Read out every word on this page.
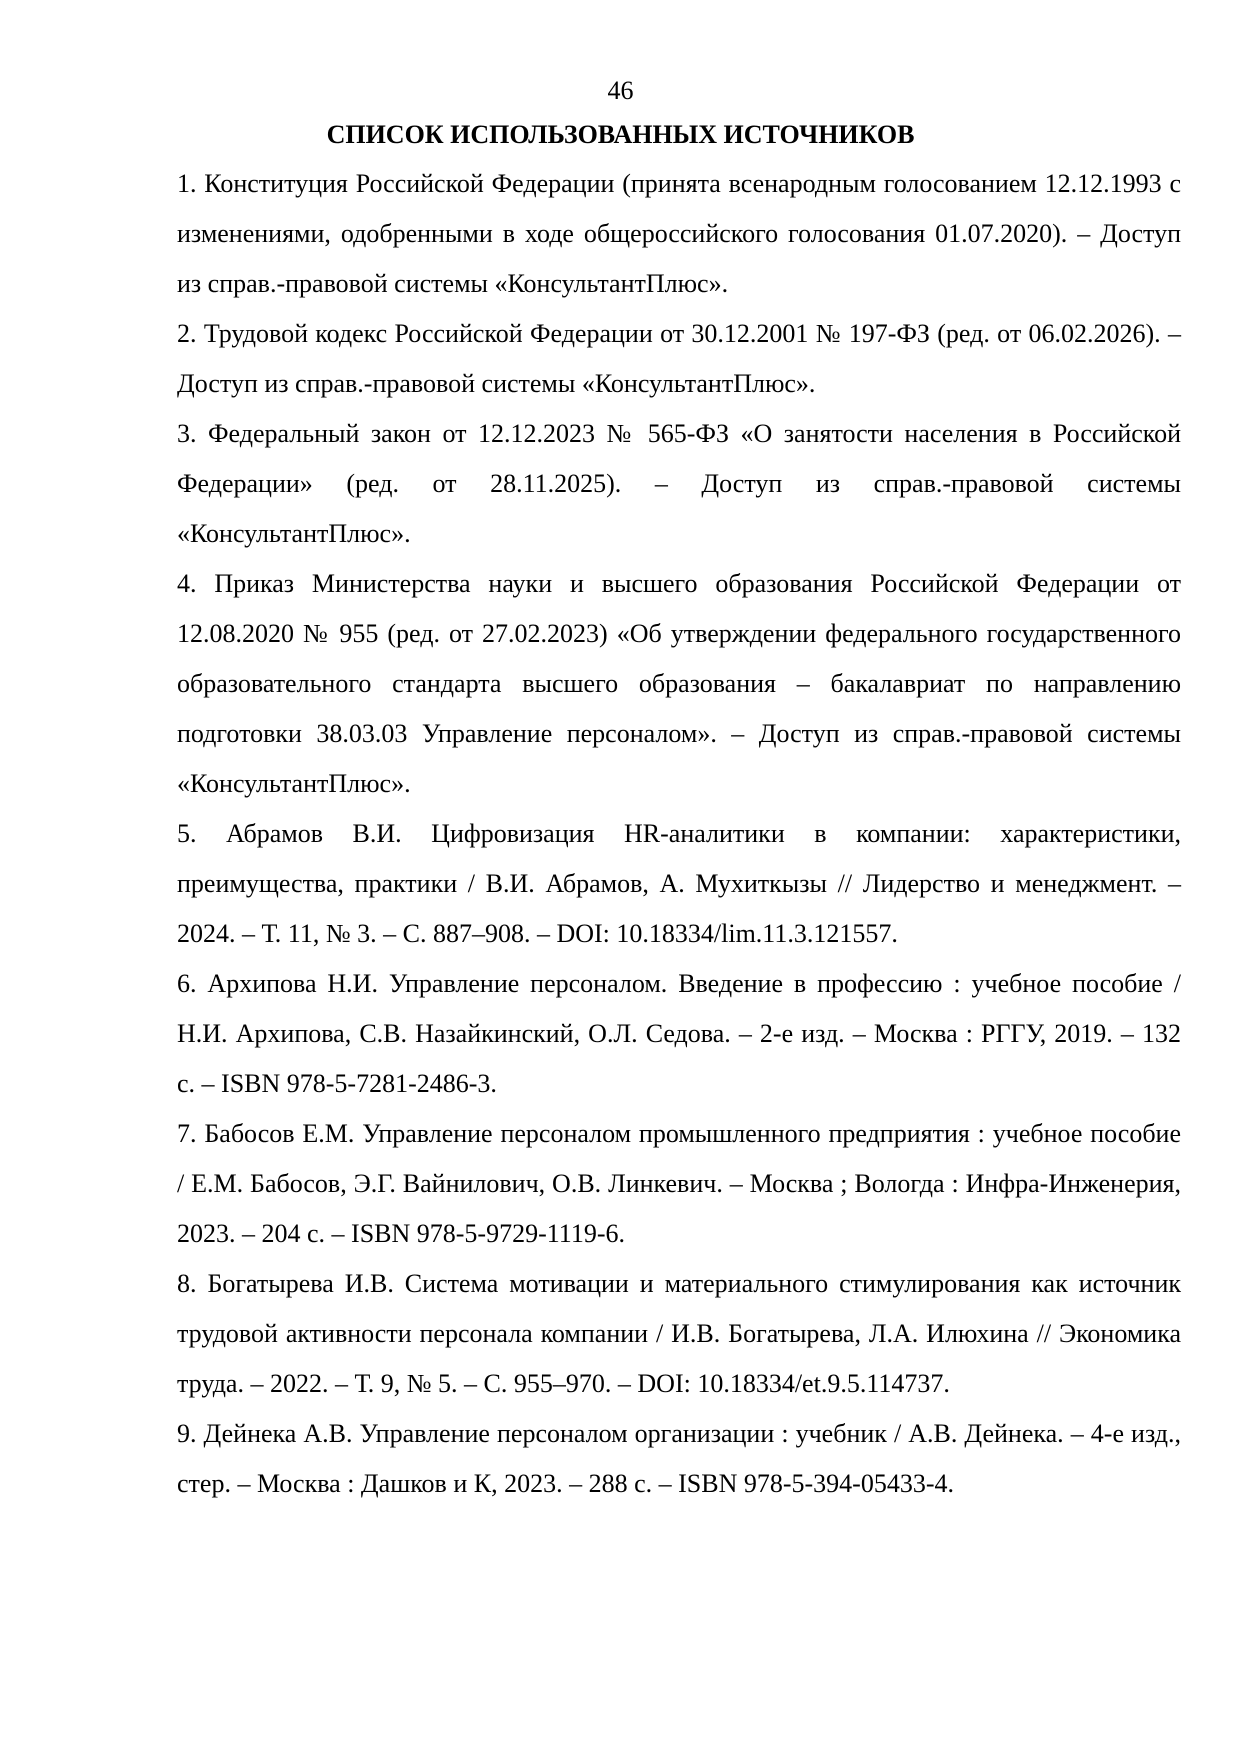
46
СПИСОК ИСПОЛЬЗОВАННЫХ ИСТОЧНИКОВ
1. Конституция Российской Федерации (принята всенародным голосованием 12.12.1993 с изменениями, одобренными в ходе общероссийского голосования 01.07.2020). – Доступ из справ.-правовой системы «КонсультантПлюс».
2. Трудовой кодекс Российской Федерации от 30.12.2001 № 197-ФЗ (ред. от 06.02.2026). – Доступ из справ.-правовой системы «КонсультантПлюс».
3. Федеральный закон от 12.12.2023 № 565-ФЗ «О занятости населения в Российской Федерации» (ред. от 28.11.2025). – Доступ из справ.-правовой системы «КонсультантПлюс».
4. Приказ Министерства науки и высшего образования Российской Федерации от 12.08.2020 № 955 (ред. от 27.02.2023) «Об утверждении федерального государственного образовательного стандарта высшего образования – бакалавриат по направлению подготовки 38.03.03 Управление персоналом». – Доступ из справ.-правовой системы «КонсультантПлюс».
5. Абрамов В.И. Цифровизация HR-аналитики в компании: характеристики, преимущества, практики / В.И. Абрамов, А. Мухиткызы // Лидерство и менеджмент. – 2024. – Т. 11, № 3. – С. 887–908. – DOI: 10.18334/lim.11.3.121557.
6. Архипова Н.И. Управление персоналом. Введение в профессию : учебное пособие / Н.И. Архипова, С.В. Назайкинский, О.Л. Седова. – 2-е изд. – Москва : РГГУ, 2019. – 132 с. – ISBN 978-5-7281-2486-3.
7. Бабосов Е.М. Управление персоналом промышленного предприятия : учебное пособие / Е.М. Бабосов, Э.Г. Вайнилович, О.В. Линкевич. – Москва ; Вологда : Инфра-Инженерия, 2023. – 204 с. – ISBN 978-5-9729-1119-6.
8. Богатырева И.В. Система мотивации и материального стимулирования как источник трудовой активности персонала компании / И.В. Богатырева, Л.А. Илюхина // Экономика труда. – 2022. – Т. 9, № 5. – С. 955–970. – DOI: 10.18334/et.9.5.114737.
9. Дейнека А.В. Управление персоналом организации : учебник / А.В. Дейнека. – 4-е изд., стер. – Москва : Дашков и К, 2023. – 288 с. – ISBN 978-5-394-05433-4.
